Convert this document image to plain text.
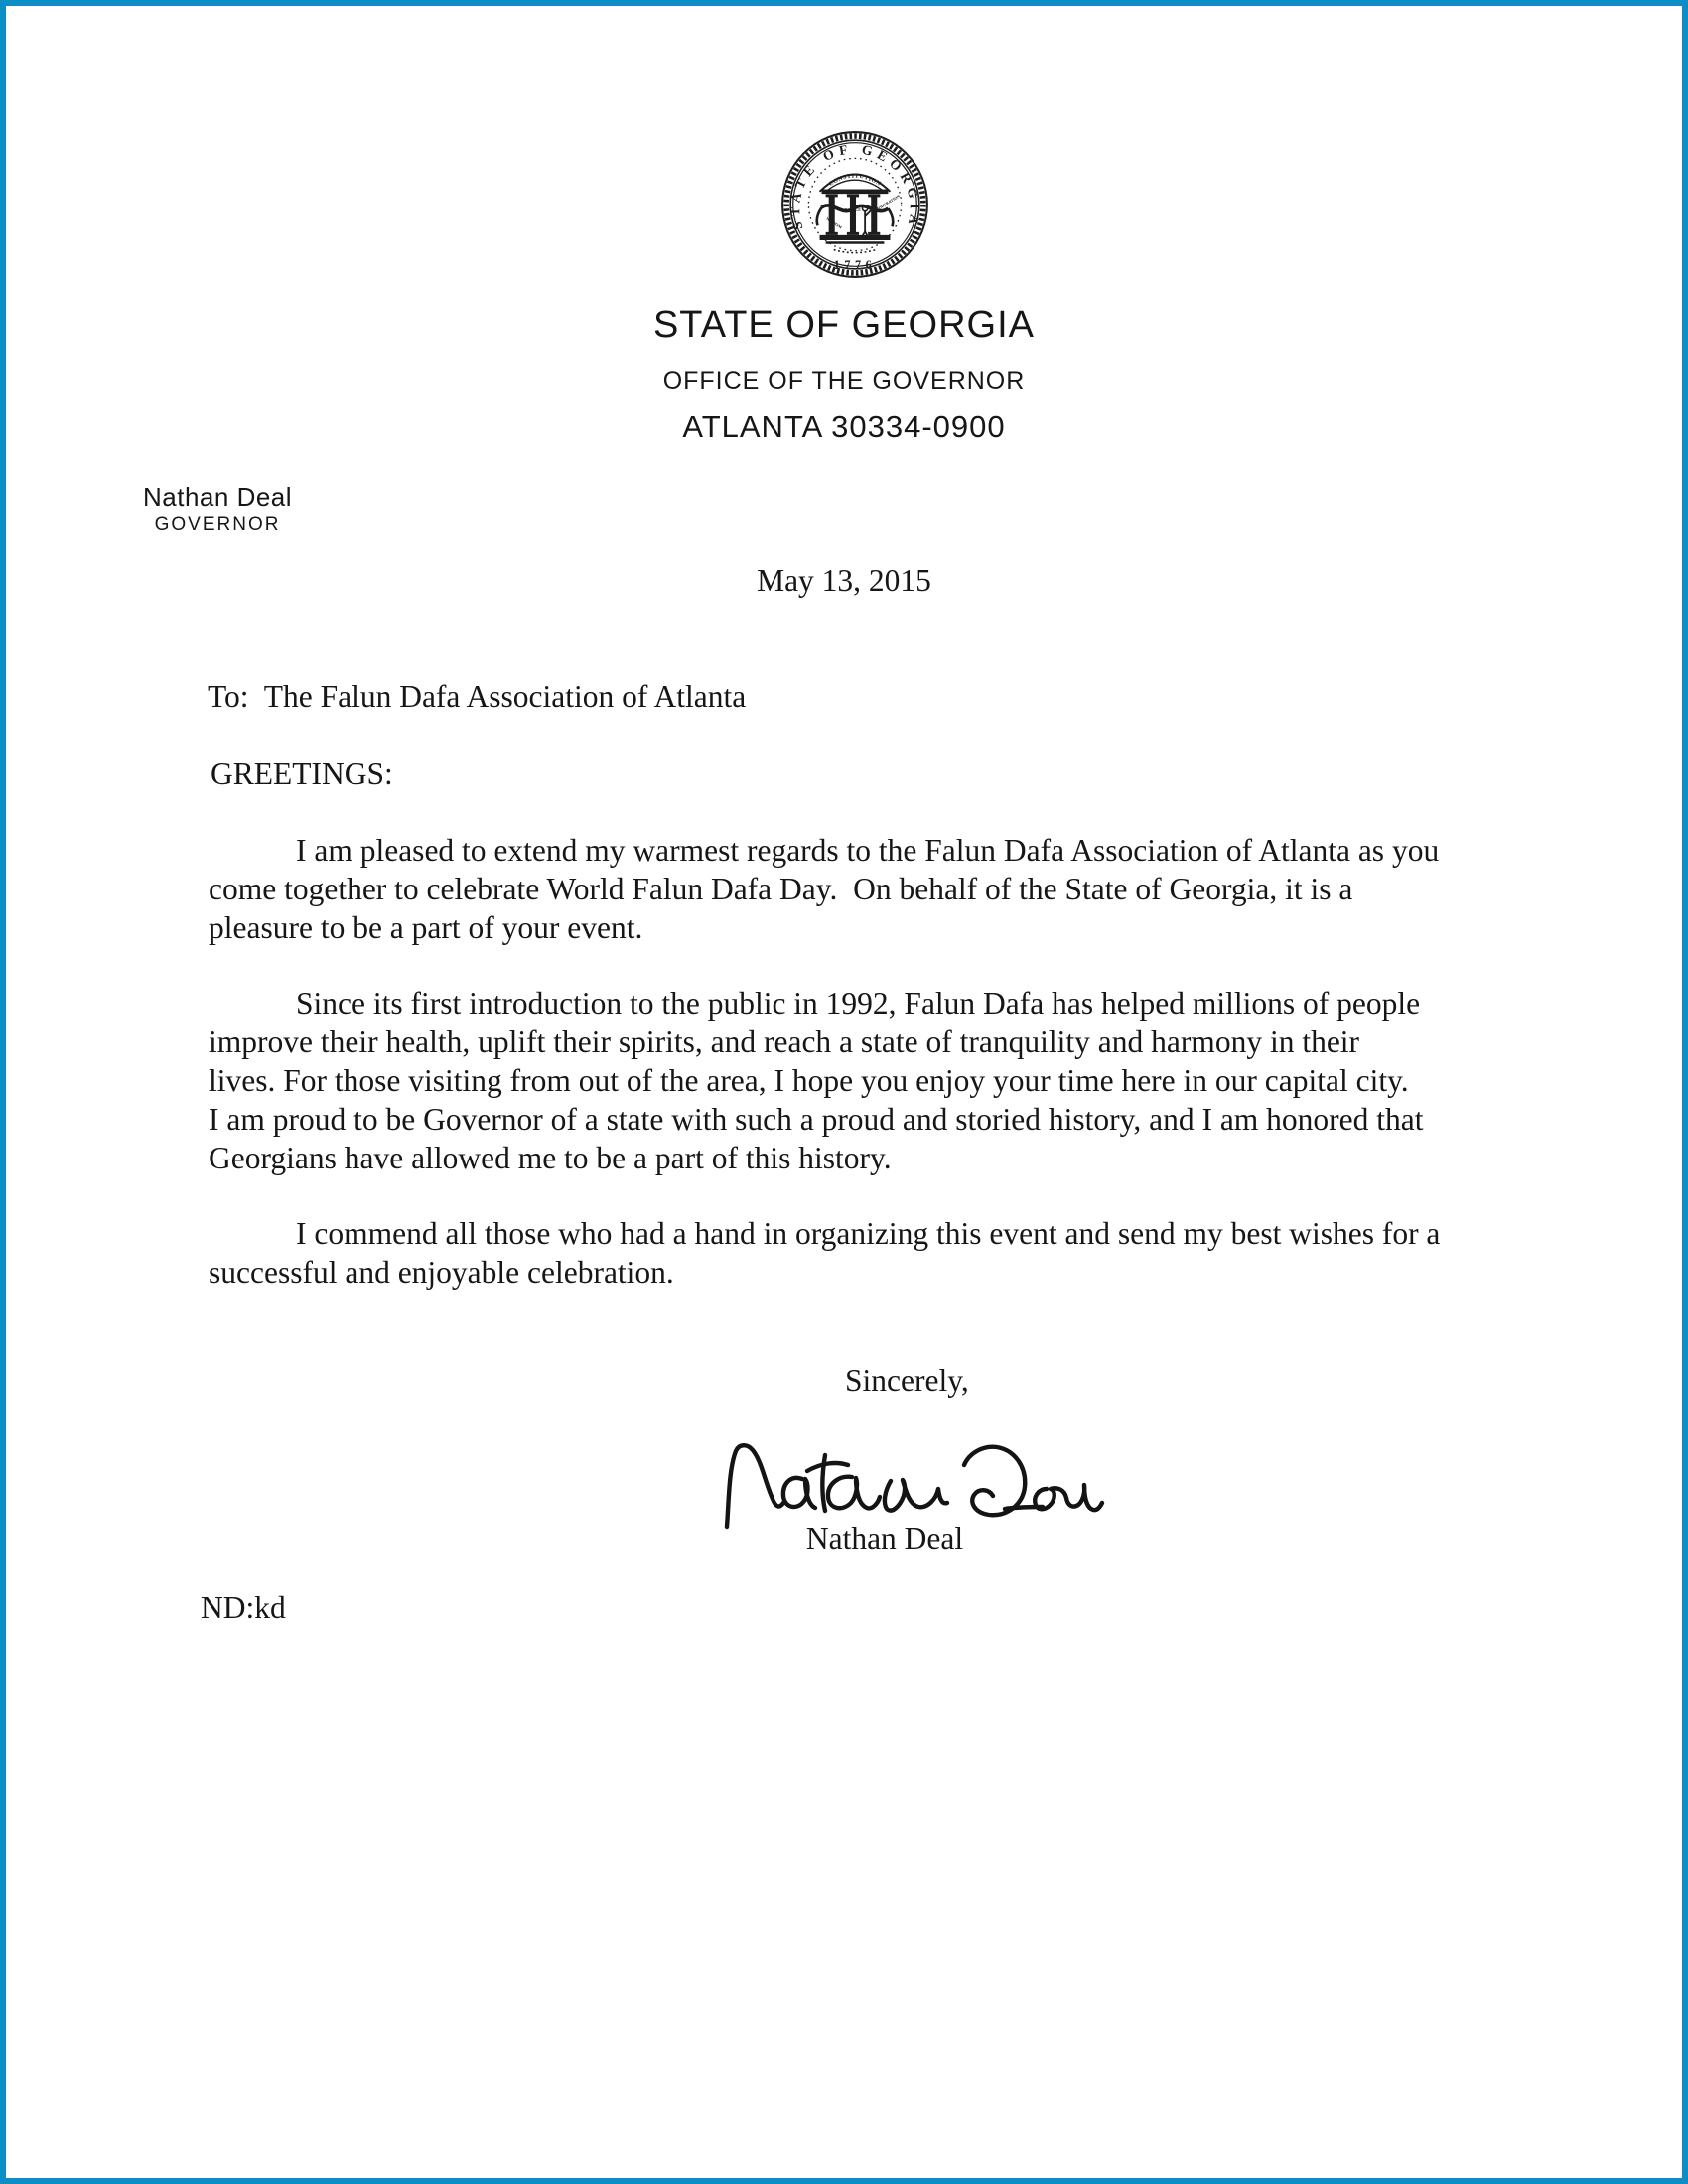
STATE OF GEORGIA
CONSTITUTION
WISDOM
JUSTICE	MODERATION
1776
STATE OF GEORGIA
OFFICE OF THE GOVERNOR
ATLANTA 30334-0900
Nathan Deal
GOVERNOR
May 13, 2015
To:  The Falun Dafa Association of Atlanta
GREETINGS:

I am pleased to extend my warmest regards to the Falun Dafa Association of Atlanta as you
come together to celebrate World Falun Dafa Day.  On behalf of the State of Georgia, it is a
pleasure to be a part of your event.

Since its first introduction to the public in 1992, Falun Dafa has helped millions of people
improve their health, uplift their spirits, and reach a state of tranquility and harmony in their
lives. For those visiting from out of the area, I hope you enjoy your time here in our capital city.
I am proud to be Governor of a state with such a proud and storied history, and I am honored that
Georgians have allowed me to be a part of this history.

I commend all those who had a hand in organizing this event and send my best wishes for a
successful and enjoyable celebration.

Sincerely,
Nathan Deal
ND:kd
